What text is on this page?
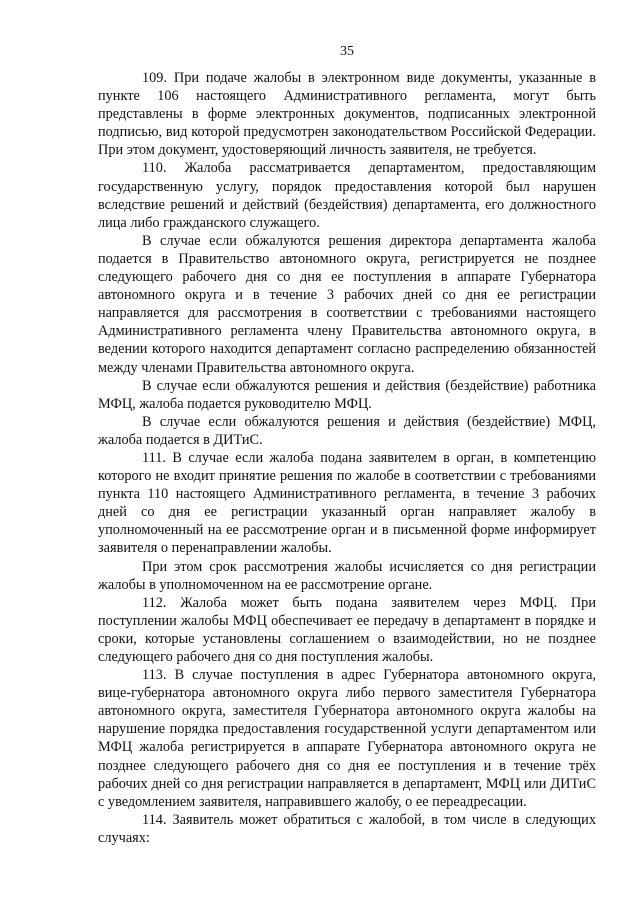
35

109. При подаче жалобы в электронном виде документы, указанные в пункте 106 настоящего Административного регламента, могут быть представлены в форме электронных документов, подписанных электронной подписью, вид которой предусмотрен законодательством Российской Федерации. При этом документ, удостоверяющий личность заявителя, не требуется.

110. Жалоба рассматривается департаментом, предоставляющим государственную услугу, порядок предоставления которой был нарушен вследствие решений и действий (бездействия) департамента, его должностного лица либо гражданского служащего.

В случае если обжалуются решения директора департамента жалоба подается в Правительство автономного округа, регистрируется не позднее следующего рабочего дня со дня ее поступления в аппарате Губернатора автономного округа и в течение 3 рабочих дней со дня ее регистрации направляется для рассмотрения в соответствии с требованиями настоящего Административного регламента члену Правительства автономного округа, в ведении которого находится департамент согласно распределению обязанностей между членами Правительства автономного округа.

В случае если обжалуются решения и действия (бездействие) работника МФЦ, жалоба подается руководителю МФЦ.

В случае если обжалуются решения и действия (бездействие) МФЦ, жалоба подается в ДИТиС.

111. В случае если жалоба подана заявителем в орган, в компетенцию которого не входит принятие решения по жалобе в соответствии с требованиями пункта 110 настоящего Административного регламента, в течение 3 рабочих дней со дня ее регистрации указанный орган направляет жалобу в уполномоченный на ее рассмотрение орган и в письменной форме информирует заявителя о перенаправлении жалобы.

При этом срок рассмотрения жалобы исчисляется со дня регистрации жалобы в уполномоченном на ее рассмотрение органе.

112. Жалоба может быть подана заявителем через МФЦ. При поступлении жалобы МФЦ обеспечивает ее передачу в департамент в порядке и сроки, которые установлены соглашением о взаимодействии, но не позднее следующего рабочего дня со дня поступления жалобы.

113. В случае поступления в адрес Губернатора автономного округа, вице-губернатора автономного округа либо первого заместителя Губернатора автономного округа, заместителя Губернатора автономного округа жалобы на нарушение порядка предоставления государственной услуги департаментом или МФЦ жалоба регистрируется в аппарате Губернатора автономного округа не позднее следующего рабочего дня со дня ее поступления и в течение трёх рабочих дней со дня регистрации направляется в департамент, МФЦ или ДИТиС с уведомлением заявителя, направившего жалобу, о ее переадресации.

114. Заявитель может обратиться с жалобой, в том числе в следующих случаях:
